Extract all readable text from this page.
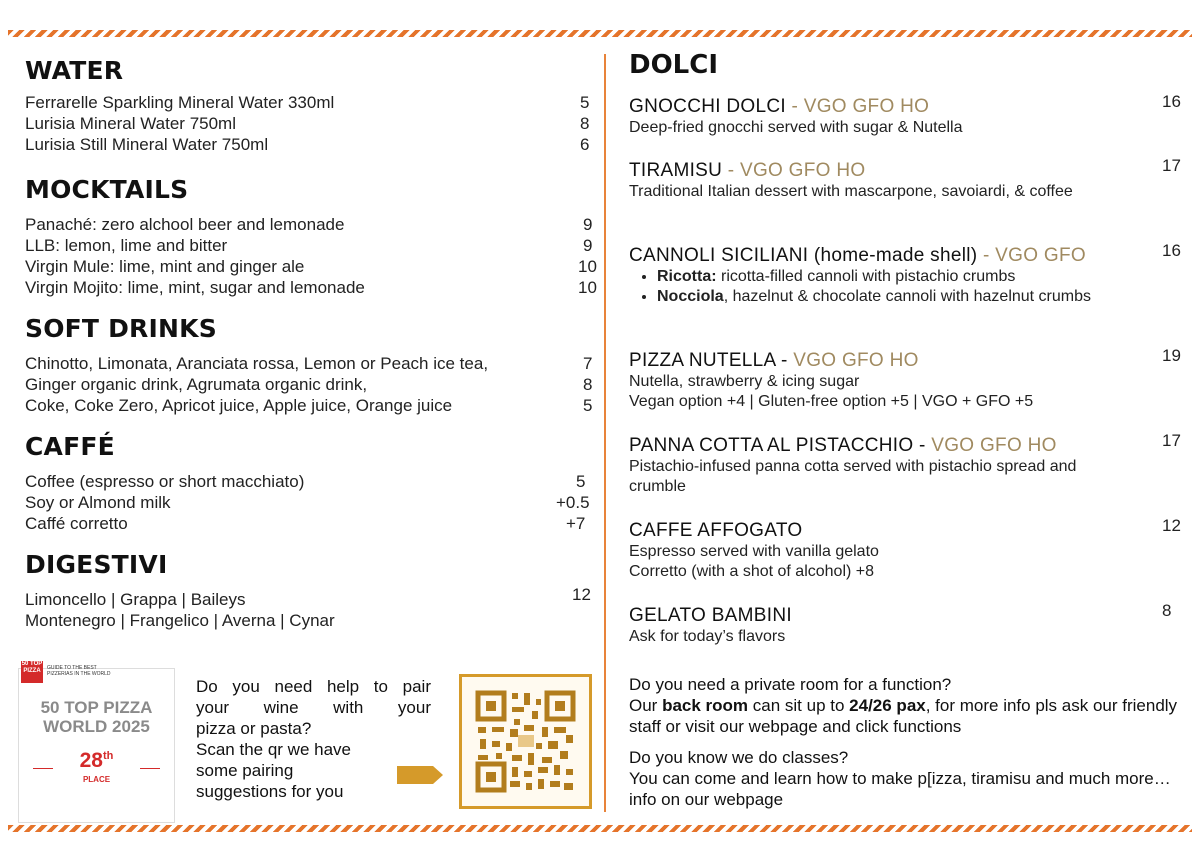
WATER
Ferrarelle Sparkling Mineral Water 330ml	5
Lurisia Mineral Water 750ml	8
Lurisia Still Mineral Water 750ml	6
MOCKTAILS
Panaché: zero alchool beer and lemonade	9
LLB: lemon, lime and bitter	9
Virgin Mule: lime, mint and ginger ale	10
Virgin Mojito: lime, mint, sugar and lemonade	10
SOFT DRINKS
Chinotto, Limonata, Aranciata rossa, Lemon or Peach ice tea,	7
Ginger organic drink, Agrumata organic drink,	8
Coke, Coke Zero, Apricot juice, Apple juice, Orange juice	5
CAFFÉ
Coffee (espresso or short macchiato)	5
Soy or Almond milk	+0.5
Caffé corretto	+7
DIGESTIVI
Limoncello | Grappa | Baileys	12
Montenegro | Frangelico | Averna | Cynar
50 TOP PIZZA	GUIDE TO THE BEST PIZZERIAS IN THE WORLD
50 TOP PIZZA
WORLD 2025
28th
PLACE
Do you need help to pair
your wine with your
pizza or pasta?
Scan the qr we have
some pairing
suggestions for you
DOLCI
GNOCCHI DOLCI - VGO GFO HO	16
Deep-fried gnocchi served with sugar & Nutella
TIRAMISU - VGO GFO HO	17
Traditional Italian dessert with mascarpone, savoiardi, & coffee
CANNOLI SICILIANI (home-made shell) - VGO GFO	16
• Ricotta: ricotta-filled cannoli with pistachio crumbs
• Nocciola, hazelnut & chocolate cannoli with hazelnut crumbs
PIZZA NUTELLA - VGO GFO HO	19
Nutella, strawberry & icing sugar
Vegan option +4 | Gluten-free option +5 | VGO + GFO +5
PANNA COTTA AL PISTACCHIO - VGO GFO HO	17
Pistachio-infused panna cotta served with pistachio spread and crumble
CAFFE AFFOGATO	12
Espresso served with vanilla gelato
Corretto (with a shot of alcohol) +8
GELATO BAMBINI	8
Ask for today’s flavors
Do you need a private room for a function?
Our back room can sit up to 24/26 pax, for more info pls ask our friendly staff or visit our webpage and click functions
Do you know we do classes?
You can come and learn how to make p[izza, tiramisu and much more… info on our webpage
